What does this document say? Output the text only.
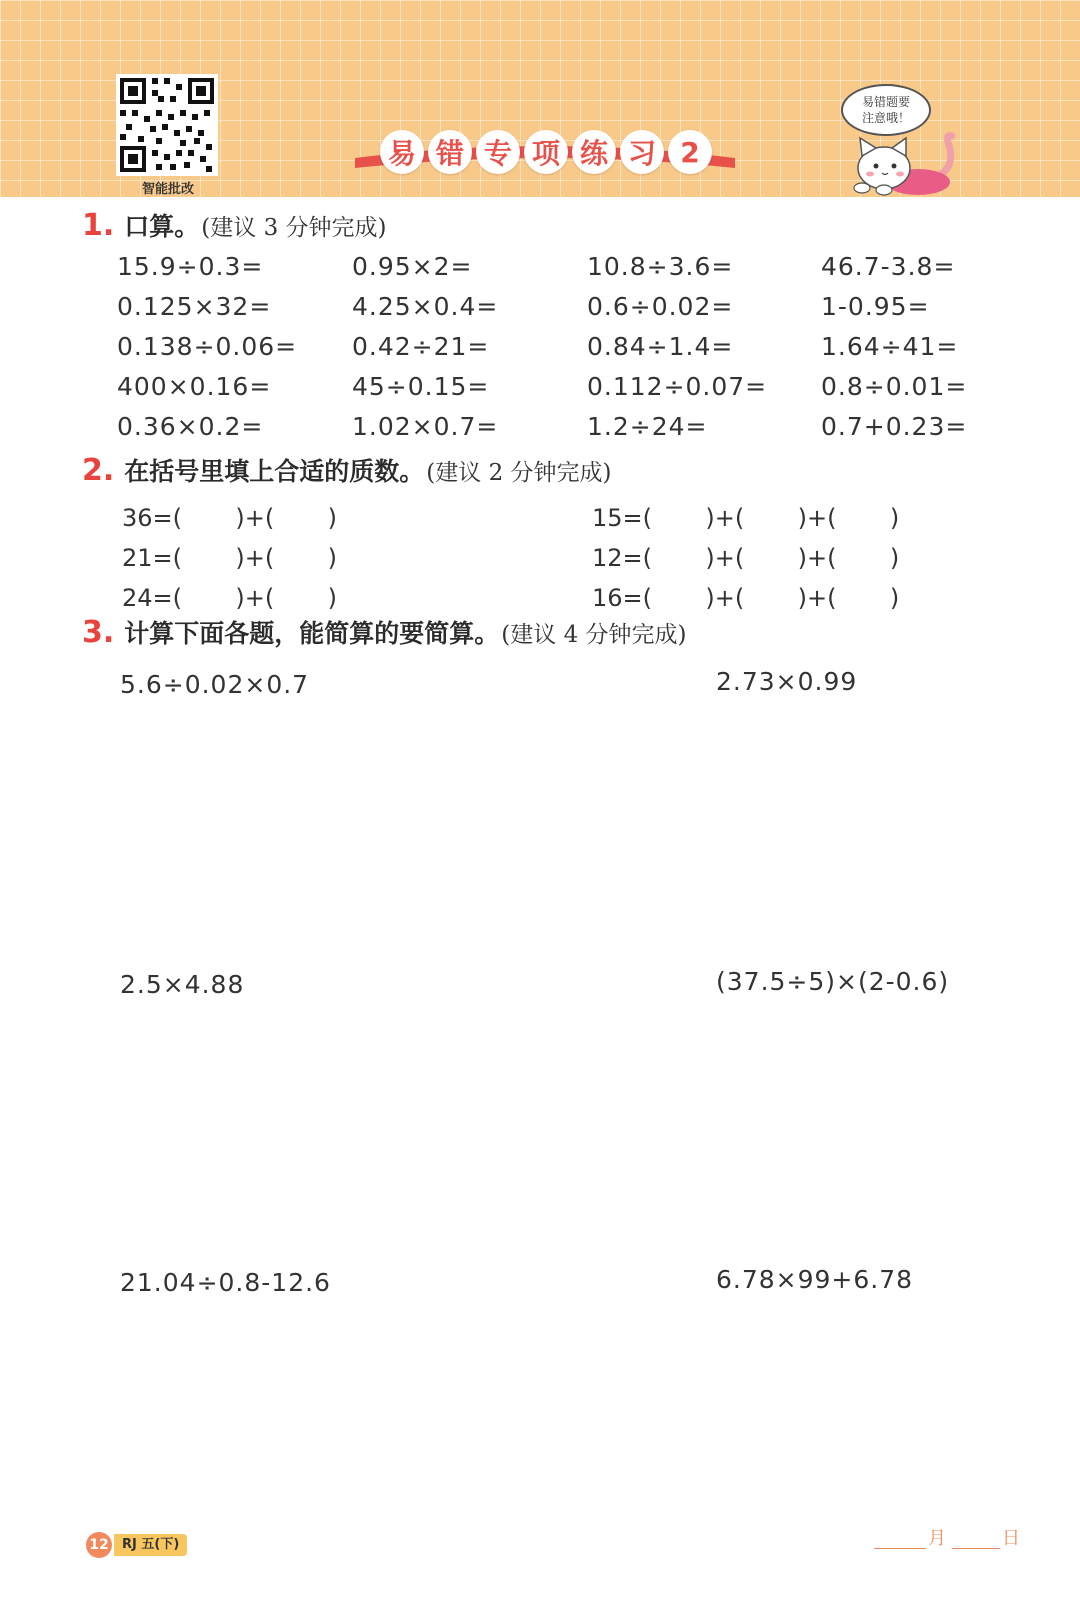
智能批改
易 错 专 项 练 习 2
易错题要
注意哦！
1. 口算。 (建议 3 分钟完成)
15.9÷0.3=	0.95×2=	10.8÷3.6=	46.7-3.8=
0.125×32=	4.25×0.4=	0.6÷0.02=	1-0.95=
0.138÷0.06=	0.42÷21=	0.84÷1.4=	1.64÷41=
400×0.16=	45÷0.15=	0.112÷0.07=	0.8÷0.01=
0.36×0.2=	1.02×0.7=	1.2÷24=	0.7+0.23=
2. 在括号里填上合适的质数。 (建议 2 分钟完成)
36=(       )+(       )	15=(       )+(       )+(       )
21=(       )+(       )	12=(       )+(       )+(       )
24=(       )+(       )	16=(       )+(       )+(       )
3. 计算下面各题，能简算的要简算。 (建议 4 分钟完成)
5.6÷0.02×0.7	2.73×0.99
2.5×4.88	(37.5÷5)×(2-0.6)
21.04÷0.8-12.6	6.78×99+6.78
12	RJ 五(下)	月	日
